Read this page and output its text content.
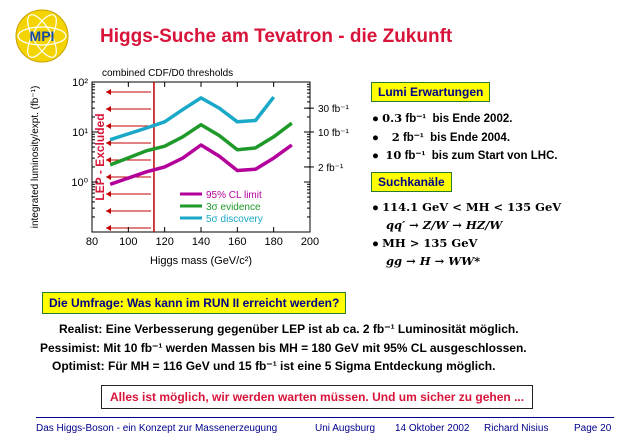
MPI Higgs-Suche am Tevatron - die Zukunft
LEP - Excluded
80 100 120 140 160 180 200
10⁰
10¹
10²
30 fb⁻¹
10 fb⁻¹
2 fb⁻¹
95% CL limit
3σ evidence
5σ discovery
combined CDF/D0 thresholds
Higgs mass (GeV/c²)
integrated luminosity/expt. (fb⁻¹)	Lumi Erwartungen
● 0.3 fb⁻¹ bis Ende 2002.
● 2 fb⁻¹ bis Ende 2004.
● 10 fb⁻¹ bis zum Start von LHC.
Suchkanäle
● 114.1 GeV < MH < 135 GeV
qq′ → Z/W → HZ/W
● MH > 135 GeV
gg → H → WW*
Die Umfrage: Was kann im RUN II erreicht werden?
Realist: Eine Verbesserung gegenüber LEP ist ab ca. 2 fb⁻¹ Luminosität möglich.
Pessimist: Mit 10 fb⁻¹ werden Massen bis MH = 180 GeV mit 95% CL ausgeschlossen.
Optimist: Für MH = 116 GeV und 15 fb⁻¹ ist eine 5 Sigma Entdeckung möglich.
Alles ist möglich, wir werden warten müssen. Und um sicher zu gehen ...
Das Higgs-Boson - ein Konzept zur Massenerzeugung	Uni Augsburg 14 Oktober 2002 Richard Nisius	Page 20
